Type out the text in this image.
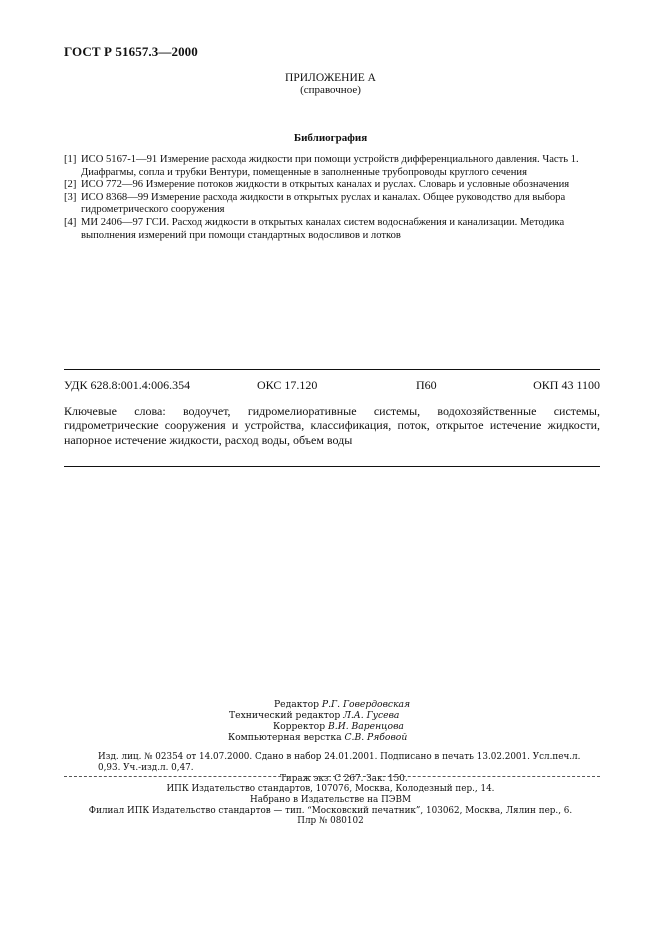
ГОСТ Р 51657.3—2000
ПРИЛОЖЕНИЕ А
(справочное)
Библиография
[1] ИСО 5167-1—91 Измерение расхода жидкости при помощи устройств дифференциального давления. Часть 1. Диафрагмы, сопла и трубки Вентури, помещенные в заполненные трубопроводы круглого сечения
[2] ИСО 772—96 Измерение потоков жидкости в открытых каналах и руслах. Словарь и условные обозначения
[3] ИСО 8368—99 Измерение расхода жидкости в открытых руслах и каналах. Общее руководство для выбора гидрометрического сооружения
[4] МИ 2406—97 ГСИ. Расход жидкости в открытых каналах систем водоснабжения и канализации. Методика выполнения измерений при помощи стандартных водосливов и лотков
УДК 628.8:001.4:006.354	ОКС 17.120	П60	ОКП 43 1100
Ключевые слова: водоучет, гидромелиоративные системы, водохозяйственные системы, гидрометрические сооружения и устройства, классификация, поток, открытое истечение жидкости, напорное истечение жидкости, расход воды, объем воды
Редактор Р.Г. Говердовская
Технический редактор Л.А. Гусева
Корректор В.И. Варенцова
Компьютерная верстка С.В. Рябовой
Изд. лиц. № 02354 от 14.07.2000. Сдано в набор 24.01.2001. Подписано в печать 13.02.2001. Усл.печ.л. 0,93. Уч.-изд.л. 0,47.
Тираж экз. С 267. Зак. 150.
ИПК Издательство стандартов, 107076, Москва, Колодезный пер., 14.
Набрано в Издательстве на ПЭВМ
Филиал ИПК Издательство стандартов — тип. “Московский печатник”, 103062, Москва, Лялин пер., 6.
Плр № 080102
